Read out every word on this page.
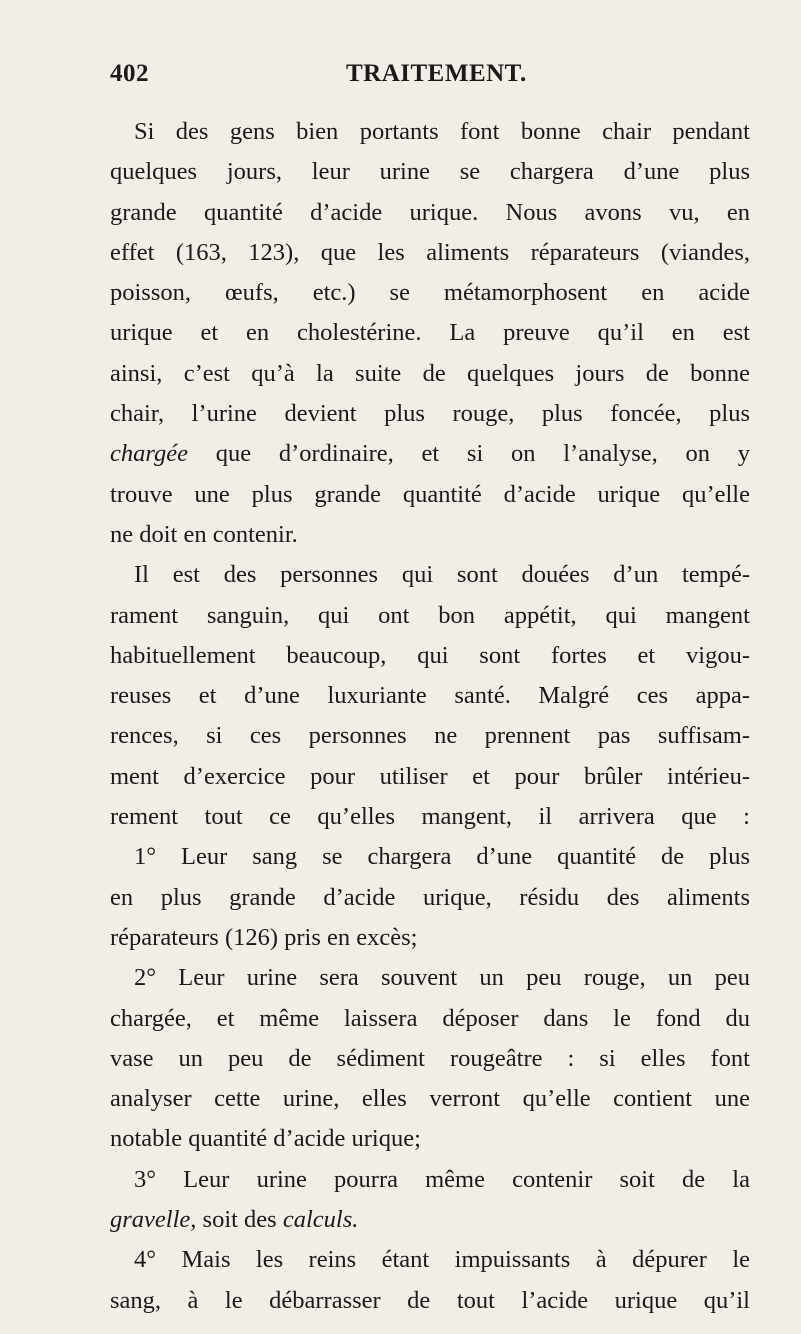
402	TRAITEMENT.
Si des gens bien portants font bonne chair pendant
quelques jours, leur urine se chargera d’une plus
grande quantité d’acide urique. Nous avons vu, en
effet (163, 123), que les aliments réparateurs (viandes,
poisson, œufs, etc.) se métamorphosent en acide
urique et en cholestérine. La preuve qu’il en est
ainsi, c’est qu’à la suite de quelques jours de bonne
chair, l’urine devient plus rouge, plus foncée, plus
chargée que d’ordinaire, et si on l’analyse, on y
trouve une plus grande quantité d’acide urique qu’elle
ne doit en contenir.
Il est des personnes qui sont douées d’un tempé-
rament sanguin, qui ont bon appétit, qui mangent
habituellement beaucoup, qui sont fortes et vigou-
reuses et d’une luxuriante santé. Malgré ces appa-
rences, si ces personnes ne prennent pas suffisam-
ment d’exercice pour utiliser et pour brûler intérieu-
rement tout ce qu’elles mangent, il arrivera que :
1° Leur sang se chargera d’une quantité de plus
en plus grande d’acide urique, résidu des aliments
réparateurs (126) pris en excès;
2° Leur urine sera souvent un peu rouge, un peu
chargée, et même laissera déposer dans le fond du
vase un peu de sédiment rougeâtre : si elles font
analyser cette urine, elles verront qu’elle contient une
notable quantité d’acide urique;
3° Leur urine pourra même contenir soit de la
gravelle, soit des calculs.
4° Mais les reins étant impuissants à dépurer le
sang, à le débarrasser de tout l’acide urique qu’il
